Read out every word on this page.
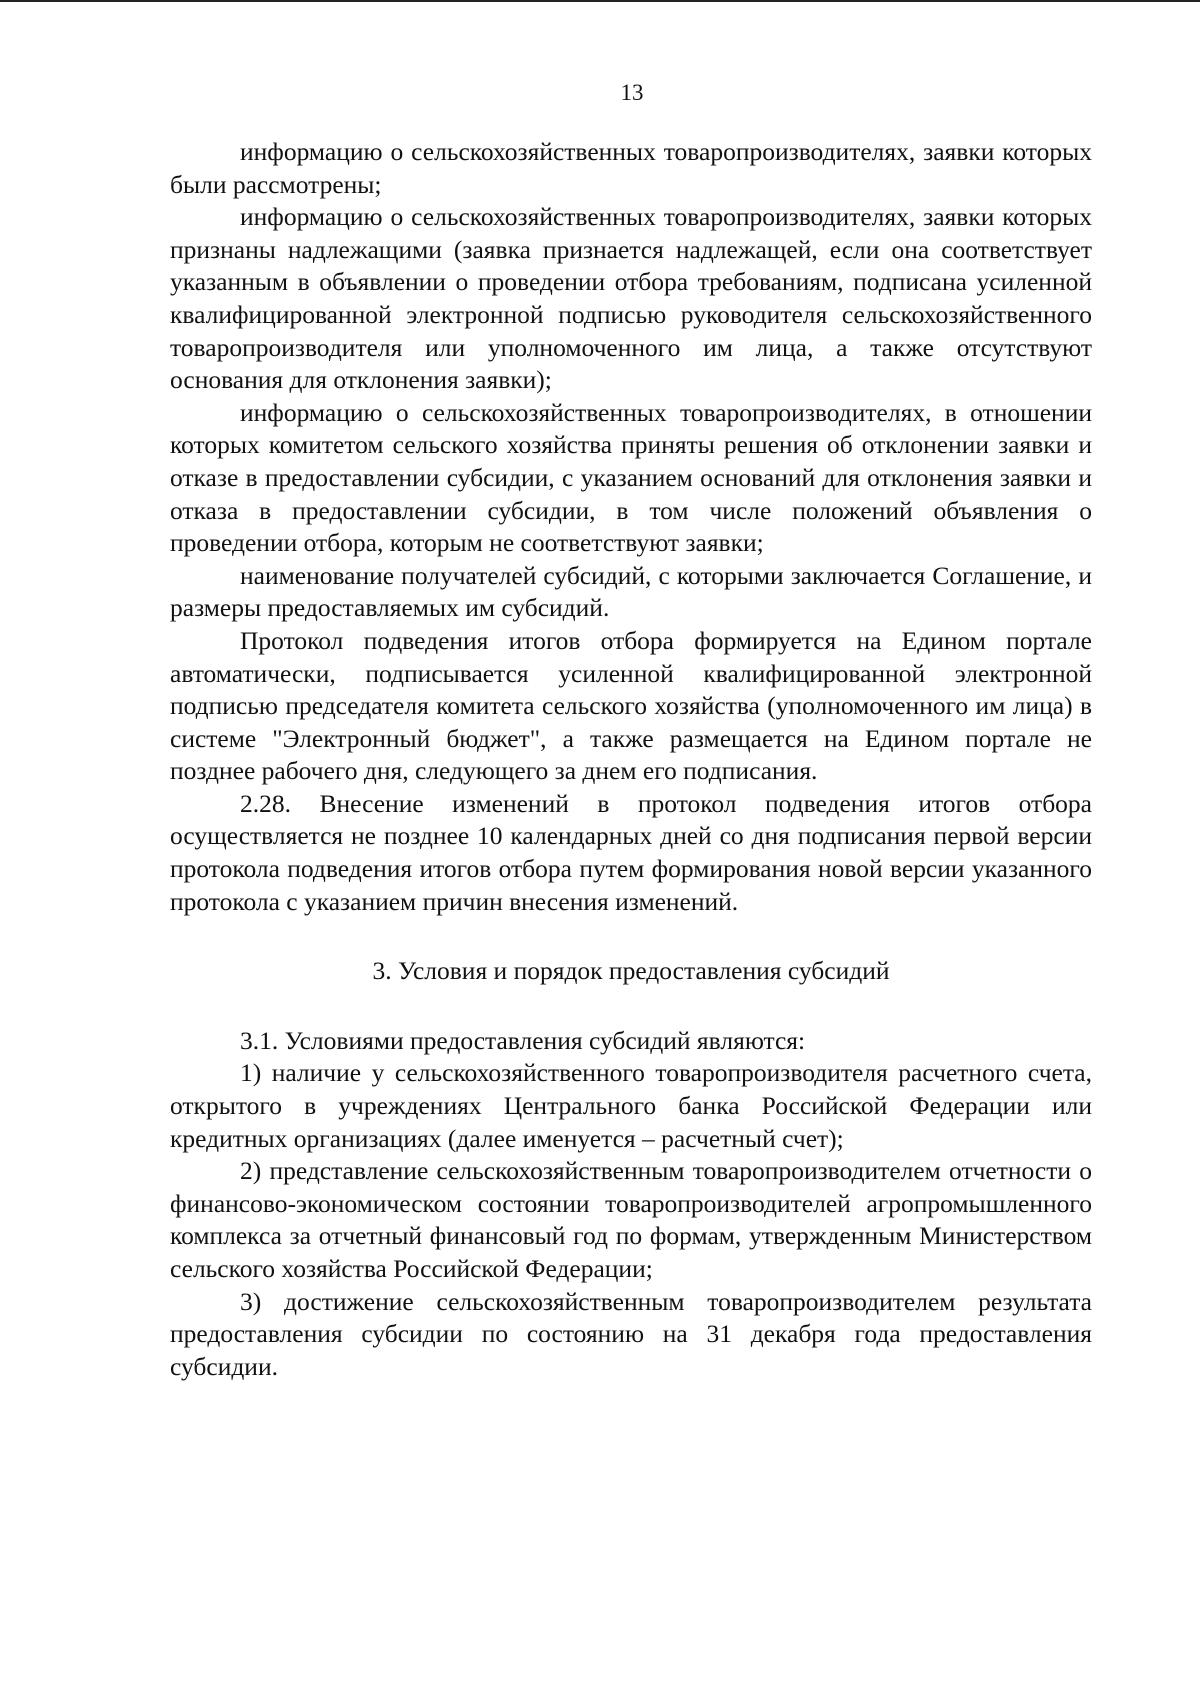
13

информацию о сельскохозяйственных товаропроизводителях, заявки которых были рассмотрены;

информацию о сельскохозяйственных товаропроизводителях, заявки которых признаны надлежащими (заявка признается надлежащей, если она соответствует указанным в объявлении о проведении отбора требованиям, подписана усиленной квалифицированной электронной подписью руководителя сельскохозяйственного товаропроизводителя или уполномоченного им лица, а также отсутствуют основания для отклонения заявки);

информацию о сельскохозяйственных товаропроизводителях, в отношении которых комитетом сельского хозяйства приняты решения об отклонении заявки и отказе в предоставлении субсидии, с указанием оснований для отклонения заявки и отказа в предоставлении субсидии, в том числе положений объявления о проведении отбора, которым не соответствуют заявки;

наименование получателей субсидий, с которыми заключается Соглашение, и размеры предоставляемых им субсидий.

Протокол подведения итогов отбора формируется на Едином портале автоматически, подписывается усиленной квалифицированной электронной подписью председателя комитета сельского хозяйства (уполномоченного им лица) в системе "Электронный бюджет", а также размещается на Едином портале не позднее рабочего дня, следующего за днем его подписания.

2.28. Внесение изменений в протокол подведения итогов отбора осуществляется не позднее 10 календарных дней со дня подписания первой версии протокола подведения итогов отбора путем формирования новой версии указанного протокола с указанием причин внесения изменений.

3. Условия и порядок предоставления субсидий

3.1. Условиями предоставления субсидий являются:

1) наличие у сельскохозяйственного товаропроизводителя расчетного счета, открытого в учреждениях Центрального банка Российской Федерации или кредитных организациях (далее именуется – расчетный счет);

2) представление сельскохозяйственным товаропроизводителем отчетности о финансово-экономическом состоянии товаропроизводителей агропромышленного комплекса за отчетный финансовый год по формам, утвержденным Министерством сельского хозяйства Российской Федерации;

3) достижение сельскохозяйственным товаропроизводителем результата предоставления субсидии по состоянию на 31 декабря года предоставления субсидии.
